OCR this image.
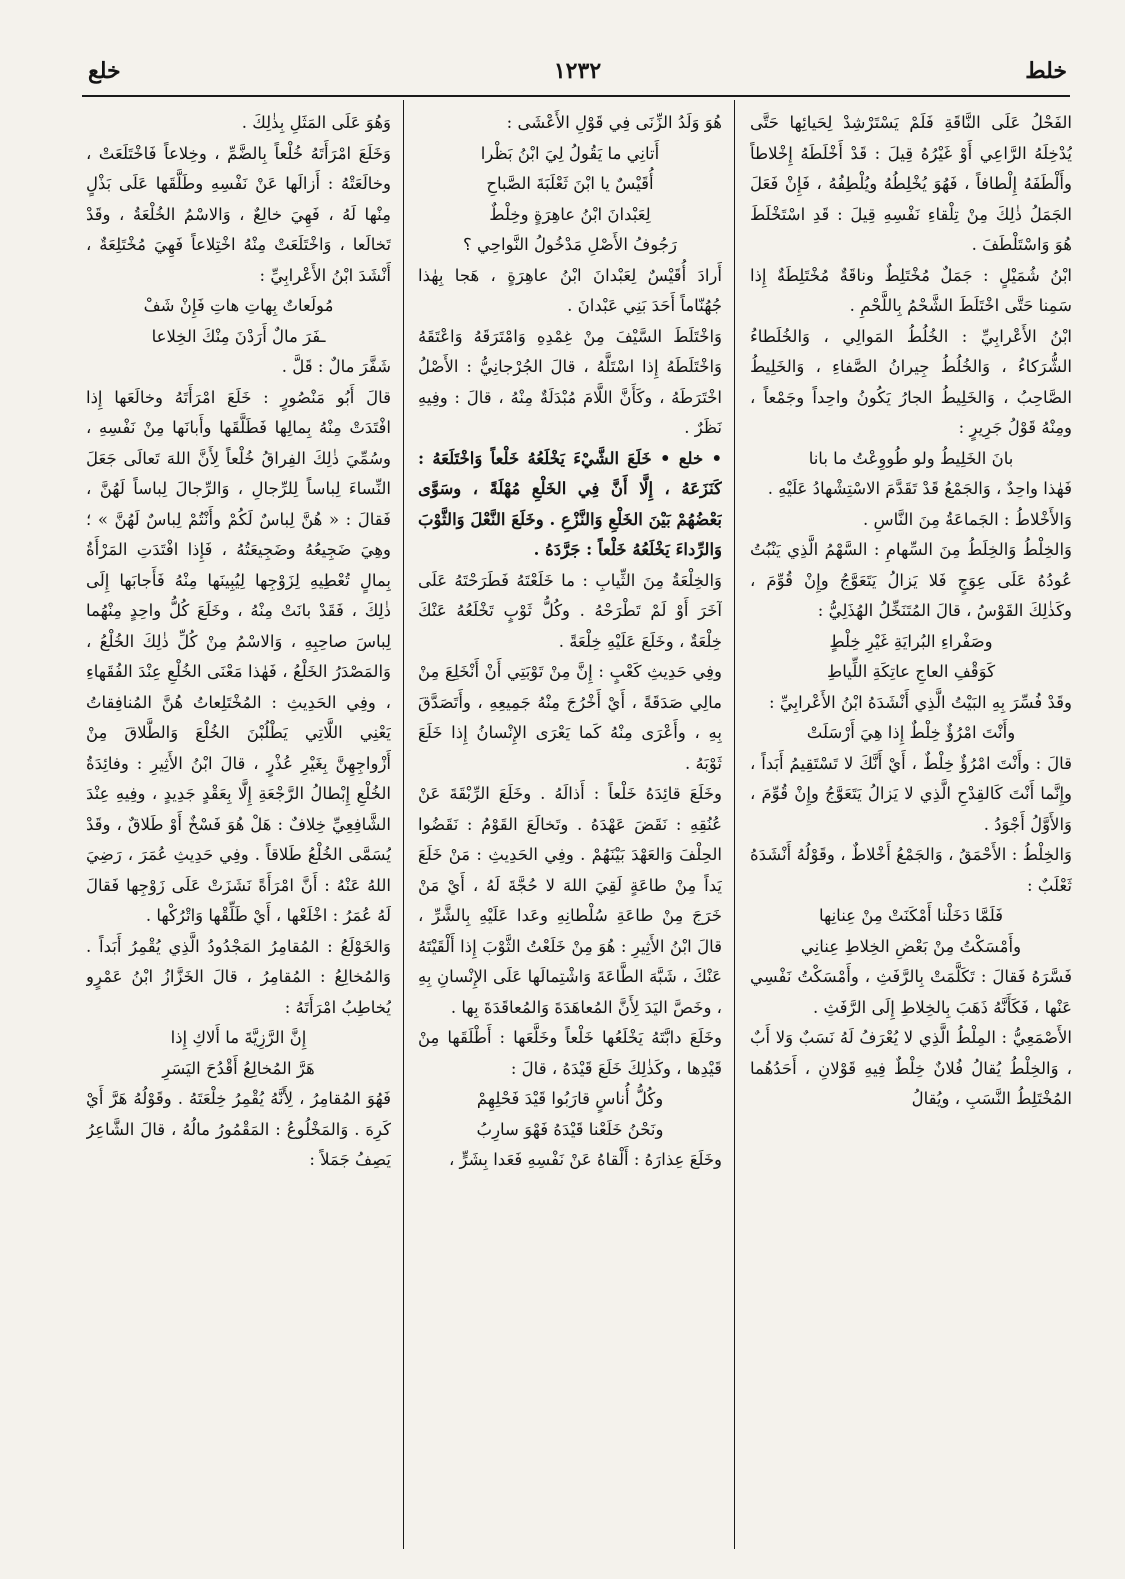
خلط
١٢٣٢
خلع

الفَحْلُ عَلَى النَّاقَةِ فَلَمْ يَسْتَرْشِدْ لِحَيائِها حَتَّى يُدْخِلَهُ الرَّاعِي أَوْ غَيْرُهُ قِيلَ : قَدْ أَخْلَطَهُ إِخْلاطاً وأَلْطَفَهُ إِلْطافاً ، فَهُوَ يُخْلِطُهُ ويُلْطِفُهُ ، فَإِنْ فَعَلَ الجَمَلُ ذٰلِكَ مِنْ تِلْقاءِ نَفْسِهِ قِيلَ : قَدِ اسْتَخْلَطَ هُوَ وَاسْتَلْطَفَ .

ابْنُ شُمَيْلٍ : جَمَلٌ مُخْتَلِطٌ وناقَةٌ مُخْتَلِطَةٌ إِذا سَمِنا حَتَّى اخْتَلَطَ الشَّحْمُ بِاللَّحْمِ .

ابْنُ الأَعْرابِيِّ : الخُلُطُ المَوالِي ، وَالخُلَطاءُ الشُّرَكاءُ ، وَالخُلُطُ جِيرانُ الصَّفاءِ ، وَالخَلِيطُ الصَّاحِبُ ، وَالخَلِيطُ الجارُ يَكُونُ واحِداً وجَمْعاً ، ومِنْهُ قَوْلُ جَرِيرٍ :

بانَ الخَلِيطُ ولو طُووِعْتُ ما بانا

فَهٰذا واحِدٌ ، وَالجَمْعُ قَدْ تَقَدَّمَ الاسْتِشْهادُ عَلَيْهِ .

وَالأَخْلاطُ : الجَماعَةُ مِنَ النَّاسِ .

وَالخِلْطُ وَالخِلَطُ مِنَ السِّهامِ : السَّهْمُ الَّذِي يَنْبُتُ عُودُهُ عَلَى عِوَجٍ فَلا يَزالُ يَتَعَوَّجُ وإِنْ قُوِّمَ ، وكَذٰلِكَ القَوْسُ ، قالَ المُتَنَخِّلُ الهُذَلِيُّ :

وصَفْراءِ البُرايَةِ غَيْرِ خِلْطٍ

كَوَقْفِ العاجِ عاتِكَةِ اللِّياطِ

وقَدْ فُسِّرَ بِهِ البَيْتُ الَّذِي أَنْشَدَهُ ابْنُ الأَعْرابِيِّ :

وأَنْتَ امْرُؤٌ خِلْطٌ إِذا هِيَ أَرْسَلَتْ

قالَ : وأَنْتَ امْرُؤٌ خِلْطٌ ، أَيْ أَنَّكَ لا تَسْتَقِيمُ أَبَداً ، وإِنَّما أَنْتَ كَالقِدْحِ الَّذِي لا يَزالُ يَتَعَوَّجُ وإِنْ قُوِّمَ ، وَالأَوَّلُ أَجْوَدُ .

وَالخِلْطُ : الأَحْمَقُ ، وَالجَمْعُ أَخْلاطٌ ، وقَوْلُهُ أَنْشَدَهُ ثَعْلَبٌ :

فَلَمَّا دَخَلْنا أَمْكَنَتْ مِنْ عِنانِها

وأَمْسَكْتُ مِنْ بَعْضِ الخِلاطِ عِنانِي

فَسَّرَهُ فَقالَ : تَكَلَّمَتْ بِالرَّفَثِ ، وأَمْسَكْتُ نَفْسِي عَنْها ، فَكَأَنَّهُ ذَهَبَ بِالخِلاطِ إِلَى الرَّفَثِ .

الأَصْمَعِيُّ : المِلْطُ الَّذِي لا يُعْرَفُ لَهُ نَسَبٌ وَلا أَبٌ ، وَالخِلْطُ يُقالُ فُلانٌ خِلْطٌ فِيهِ قَوْلانِ ، أَحَدُهُما المُخْتَلِطُ النَّسَبِ ، ويُقالُ

هُوَ وَلَدُ الزِّنَى فِي قَوْلِ الأَعْشَى :

أَتانِي ما يَقُولُ لِيَ ابْنُ بَظْرا

أُقَيْسٌ يا ابْنَ ثَعْلَبَةَ الصَّباحِ

لِعَبْدانَ ابْنُ عاهِرَةٍ وخِلْطٌ

رَجُوفُ الأَصْلِ مَدْخُولُ النَّواحِي ؟

أَرادَ أُقَيْسٌ لِعَبْدانَ ابْنُ عاهِرَةٍ ، هَجا بِهٰذا جُهُنّاماً أَحَدَ بَنِي عَبْدانَ .

وَاخْتَلَطَ السَّيْفَ مِنْ غِمْدِهِ وَامْتَرَقَهُ وَاعْتَقَهُ وَاخْتَلَطَهُ إِذا اسْتَلَّهُ ، قالَ الجُرْجانِيُّ : الأَصْلُ اخْتَرَطَهُ ، وكَأَنَّ اللَّامَ مُبْدَلَةٌ مِنْهُ ، قالَ : وفِيهِ نَظَرٌ .

• خلع • خَلَعَ الشَّيْءَ يَخْلَعُهُ خَلْعاً وَاخْتَلَعَهُ : كَنَزَعَهُ ، إِلَّا أَنَّ فِي الخَلْعِ مُهْلَةً ، وسَوَّى بَعْضُهُمْ بَيْنَ الخَلْعِ وَالنَّزْعِ . وخَلَعَ النَّعْلَ وَالثَّوْبَ وَالرِّداءَ يَخْلَعُهُ خَلْعاً : جَرَّدَهُ .

وَالخِلْعَةُ مِنَ الثِّيابِ : ما خَلَعْتَهُ فَطَرَحْتَهُ عَلَى آخَرَ أَوْ لَمْ تَطْرَحْهُ . وكُلُّ ثَوْبٍ تَخْلَعُهُ عَنْكَ خِلْعَةٌ ، وخَلَعَ عَلَيْهِ خِلْعَةً .

وفِي حَدِيثِ كَعْبٍ : إِنَّ مِنْ تَوْبَتِي أَنْ أَنْخَلِعَ مِنْ مالِي صَدَقَةً ، أَيْ أَخْرُجَ مِنْهُ جَمِيعِهِ ، وأَتَصَدَّقَ بِهِ ، وأَعْرَى مِنْهُ كَما يَعْرَى الإِنْسانُ إِذا خَلَعَ ثَوْبَهُ .

وخَلَعَ قائِدَهُ خَلْعاً : أَذالَهُ . وخَلَعَ الرِّبْقَةَ عَنْ عُنُقِهِ : نَقَضَ عَهْدَهُ . وتَخالَعَ القَوْمُ : نَقَضُوا الحِلْفَ وَالعَهْدَ بَيْنَهُمْ . وفِي الحَدِيثِ : مَنْ خَلَعَ يَداً مِنْ طاعَةٍ لَقِيَ اللهَ لا حُجَّةَ لَهُ ، أَيْ مَنْ خَرَجَ مِنْ طاعَةِ سُلْطانِهِ وعَدا عَلَيْهِ بِالشَّرِّ ، قالَ ابْنُ الأَثِيرِ : هُوَ مِنْ خَلَعْتُ الثَّوْبَ إِذا أَلْقَيْتَهُ عَنْكَ ، شَبَّهَ الطَّاعَةَ وَاشْتِمالَها عَلَى الإِنْسانِ بِهِ ، وخَصَّ اليَدَ لِأَنَّ المُعاهَدَةَ وَالمُعاقَدَةَ بِها .

وخَلَعَ دابَّتَهُ يَخْلَعُها خَلْعاً وخَلَّعَها : أَطْلَقَها مِنْ قَيْدِها ، وكَذٰلِكَ خَلَعَ قَيْدَهُ ، قالَ :

وكُلُّ أُناسٍ قارَبُوا قَيْدَ فَحْلِهِمْ

ونَحْنُ خَلَعْنا قَيْدَهُ فَهْوَ سارِبُ

وخَلَعَ عِذارَهُ : أَلْقاهُ عَنْ نَفْسِهِ فَعَدا بِشَرٍّ ،

وَهُوَ عَلَى المَثَلِ بِذٰلِكَ .

وَخَلَعَ امْرَأَتَهُ خُلْعاً بِالضَّمِّ ، وخِلاعاً فَاخْتَلَعَتْ ، وخالَعَتْهُ : أَزالَها عَنْ نَفْسِهِ وطَلَّقَها عَلَى بَذْلٍ مِنْها لَهُ ، فَهِيَ خالِعٌ ، وَالاسْمُ الخُلْعَةُ ، وقَدْ تَخالَعا ، وَاخْتَلَعَتْ مِنْهُ اخْتِلاعاً فَهِيَ مُخْتَلِعَةٌ ، أَنْشَدَ ابْنُ الأَعْرابِيِّ :

مُولَعاتٌ بِهاتِ هاتِ فَإِنْ شَفْ

ـفَرَ مالٌ أَرَدْنَ مِنْكَ الخِلاعا

شَفَّرَ مالٌ : قَلَّ .

قالَ أَبُو مَنْصُورٍ : خَلَعَ امْرَأَتَهُ وخالَعَها إِذا افْتَدَتْ مِنْهُ بِمالِها فَطَلَّقَها وأَبانَها مِنْ نَفْسِهِ ، وسُمِّيَ ذٰلِكَ الفِراقُ خُلْعاً لِأَنَّ اللهَ تَعالَى جَعَلَ النِّساءَ لِباساً لِلرِّجالِ ، وَالرِّجالَ لِباساً لَهُنَّ ، فَقالَ : « هُنَّ لِباسٌ لَكُمْ وأَنْتُمْ لِباسٌ لَهُنَّ » ؛ وهِيَ ضَجِيعُهُ وضَجِيعَتُهُ ، فَإِذا افْتَدَتِ المَرْأَةُ بِمالٍ تُعْطِيهِ لِزَوْجِها لِيُبِينَها مِنْهُ فَأَجابَها إِلَى ذٰلِكَ ، فَقَدْ بانَتْ مِنْهُ ، وخَلَعَ كُلُّ واحِدٍ مِنْهُما لِباسَ صاحِبِهِ ، وَالاسْمُ مِنْ كُلِّ ذٰلِكَ الخُلْعُ ، وَالمَصْدَرُ الخَلْعُ ، فَهٰذا مَعْنَى الخُلْعِ عِنْدَ الفُقَهاءِ ، وفِي الحَدِيثِ : المُخْتَلِعاتُ هُنَّ المُنافِقاتُ يَعْنِي اللَّاتِي يَطْلُبْنَ الخُلْعَ وَالطَّلاقَ مِنْ أَزْواجِهِنَّ بِغَيْرِ عُذْرٍ ، قالَ ابْنُ الأَثِيرِ : وفائِدَةُ الخُلْعِ إِبْطالُ الرَّجْعَةِ إِلَّا بِعَقْدٍ جَدِيدٍ ، وفِيهِ عِنْدَ الشَّافِعِيِّ خِلافٌ : هَلْ هُوَ فَسْخٌ أَوْ طَلاقٌ ، وقَدْ يُسَمَّى الخُلْعُ طَلاقاً . وفِي حَدِيثِ عُمَرَ ، رَضِيَ اللهُ عَنْهُ : أَنَّ امْرَأَةً نَشَزَتْ عَلَى زَوْجِها فَقالَ لَهُ عُمَرُ : اخْلَعْها ، أَيْ طَلِّقْها وَاتْرُكْها .

وَالخَوْلَعُ : المُقامِرُ المَجْدُودُ الَّذِي يُقْمِرُ أَبَداً . وَالمُخالِعُ : المُقامِرُ ، قالَ الخَزَّازُ ابْنُ عَمْرٍو يُخاطِبُ امْرَأَتَهُ :

إِنَّ الرَّزِيَّةَ ما أَلاكِ إِذا

هَرَّ المُخالِعُ أَقْدُحَ اليَسَرِ

فَهُوَ المُقامِرُ ، لِأَنَّهُ يُقْمِرُ خِلْعَتَهُ . وقَوْلُهُ هَرَّ أَيْ كَرِهَ . وَالمَخْلُوعُ : المَقْمُورُ مالُهُ ، قالَ الشَّاعِرُ يَصِفُ جَمَلاً :
